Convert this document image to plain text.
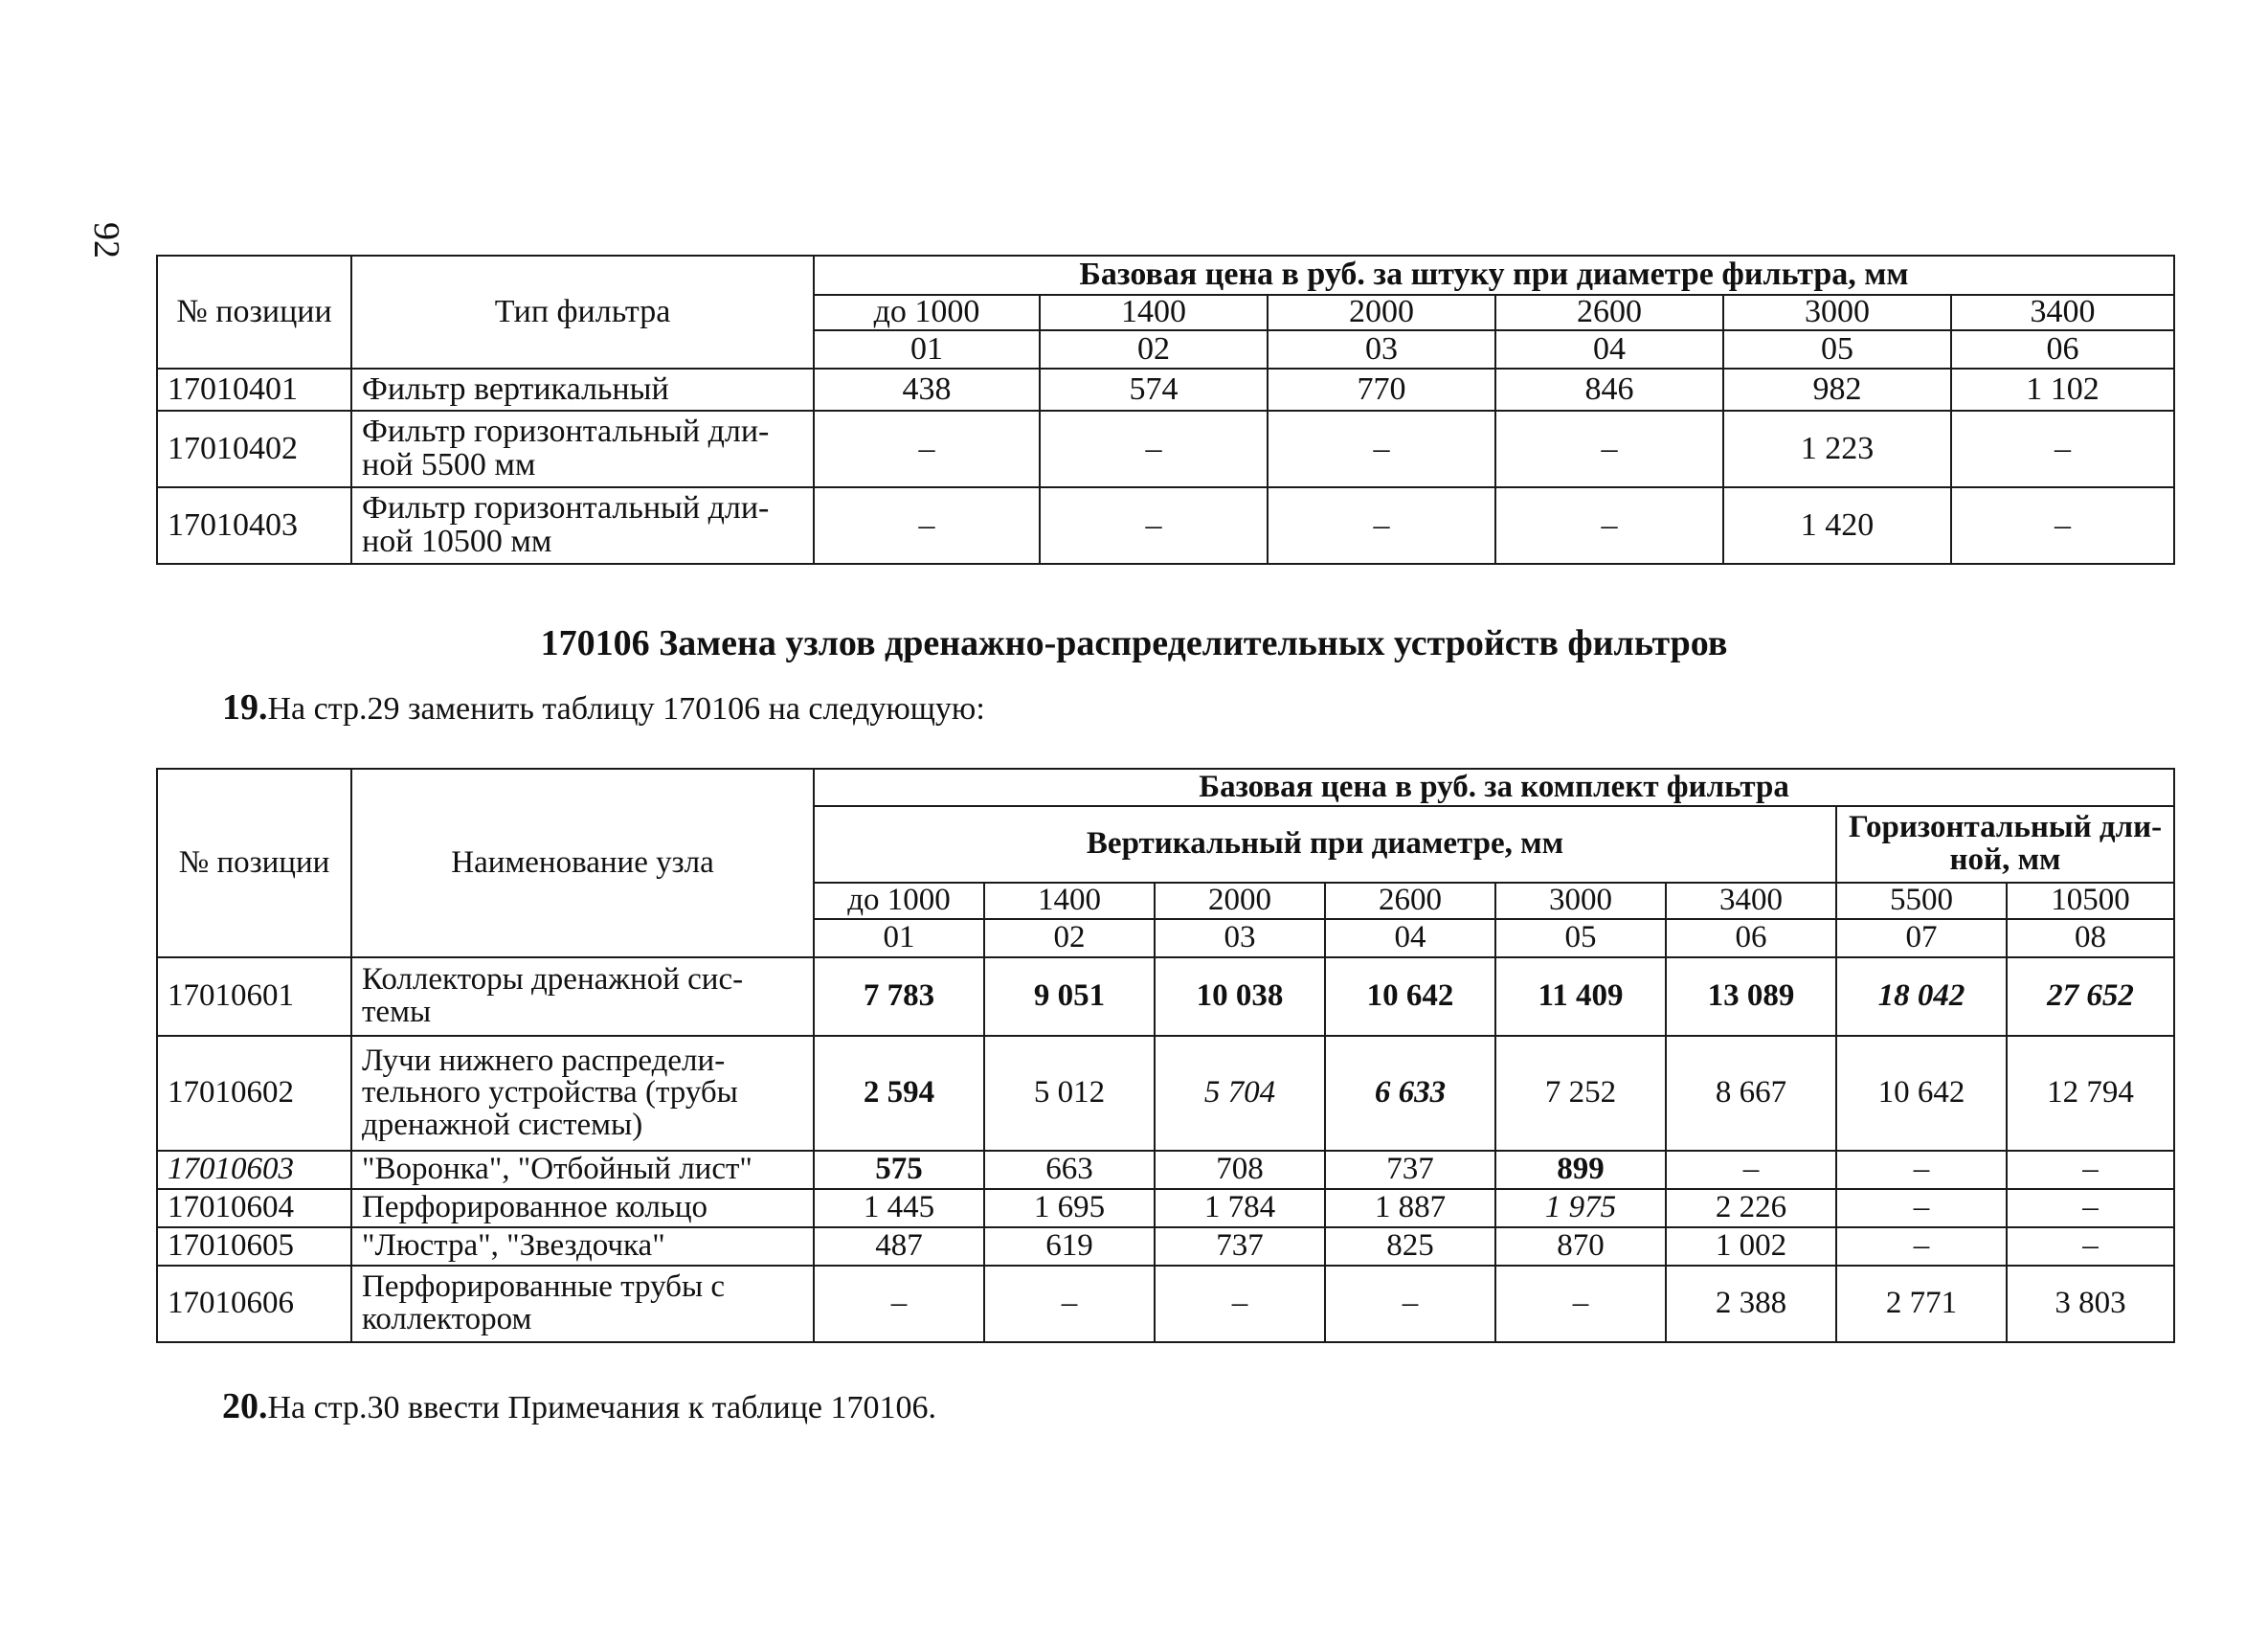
92
№ позиции	Тип фильтра	Базовая цена в руб. за штуку при диаметре фильтра, мм					
		до 1000	1400	2000	2600	3000	3400
		01	02	03	04	05	06
17010401	Фильтр вертикальный	438	574	770	846	982	1 102
17010402	Фильтр горизонтальный дли-
ной 5500 мм	–	–	–	–	1 223	–
17010403	Фильтр горизонтальный дли-
ной 10500 мм	–	–	–	–	1 420	–
170106 Замена узлов дренажно-распределительных устройств фильтров
19.На стр.29 заменить таблицу 170106 на следующую:
№ позиции	Наименование узла	Базовая цена в руб. за комплект фильтра							
		Вертикальный при диаметре, мм						Горизонтальный дли-
ной, мм	
		до 1000	1400	2000	2600	3000	3400	5500	10500
		01	02	03	04	05	06	07	08
17010601	Коллекторы дренажной сис-
темы	7 783	9 051	10 038	10 642	11 409	13 089	18 042	27 652
17010602	Лучи нижнего распредели-
тельного устройства (трубы
дренажной системы)	2 594	5 012	5 704	6 633	7 252	8 667	10 642	12 794
17010603	"Воронка", "Отбойный лист"	575	663	708	737	899	–	–	–
17010604	Перфорированное кольцо	1 445	1 695	1 784	1 887	1 975	2 226	–	–
17010605	"Люстра", "Звездочка"	487	619	737	825	870	1 002	–	–
17010606	Перфорированные трубы с
коллектором	–	–	–	–	–	2 388	2 771	3 803
20.На стр.30 ввести Примечания к таблице 170106.
